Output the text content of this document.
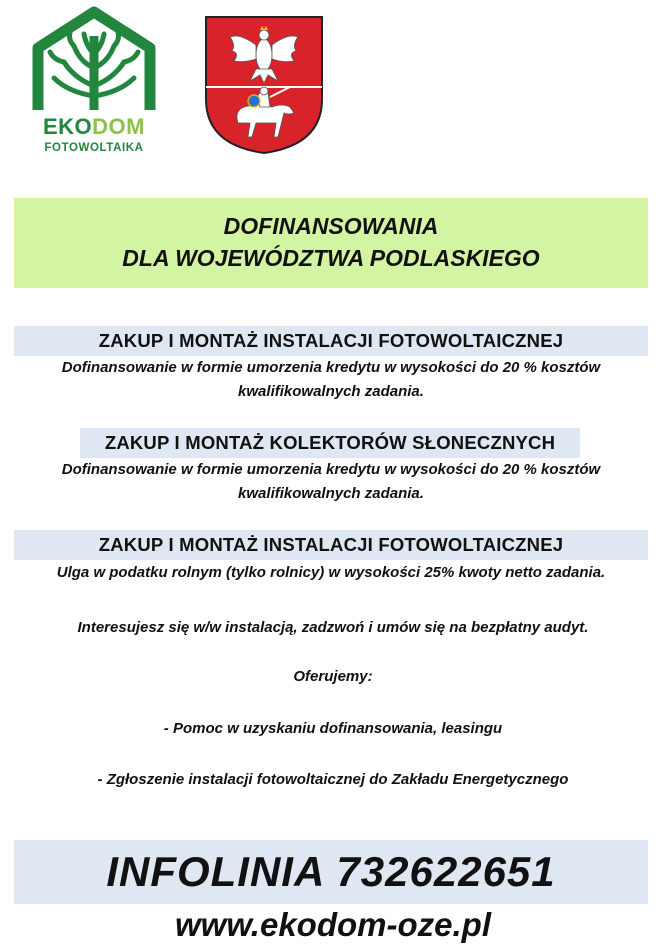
EKODOM
FOTOWOLTAIKA
DOFINANSOWANIA
DLA WOJEWÓDZTWA PODLASKIEGO
ZAKUP I MONTAŻ INSTALACJI FOTOWOLTAICZNEJ
Dofinansowanie w formie umorzenia kredytu w wysokości do 20 % kosztów
kwalifikowalnych zadania.
ZAKUP I MONTAŻ KOLEKTORÓW SŁONECZNYCH
Dofinansowanie w formie umorzenia kredytu w wysokości do 20 % kosztów
kwalifikowalnych zadania.
ZAKUP I MONTAŻ INSTALACJI FOTOWOLTAICZNEJ
Ulga w podatku rolnym (tylko rolnicy) w wysokości 25% kwoty netto zadania.
Interesujesz się w/w instalacją, zadzwoń i umów się na bezpłatny audyt.
Oferujemy:
- Pomoc w uzyskaniu dofinansowania, leasingu
- Zgłoszenie instalacji fotowoltaicznej do Zakładu Energetycznego
INFOLINIA 732622651
www.ekodom-oze.pl
